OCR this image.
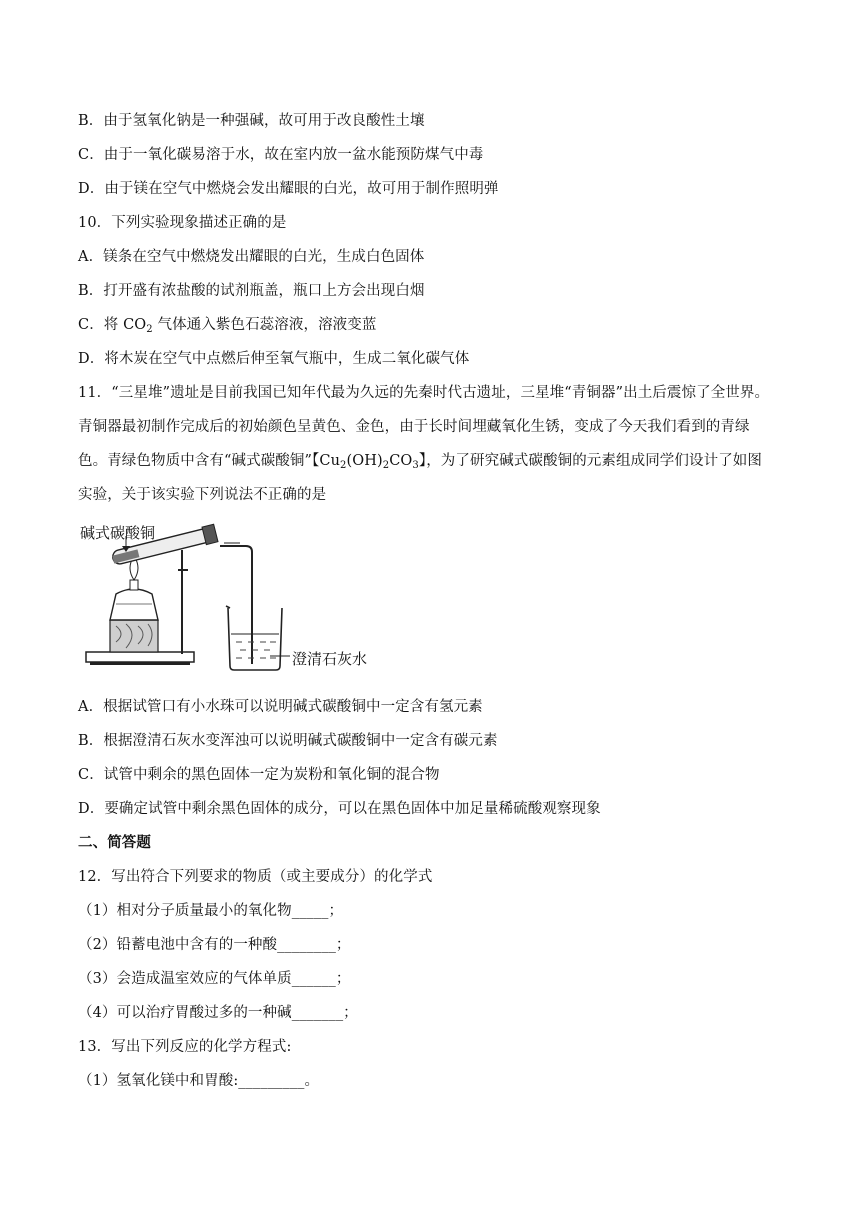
B．由于氢氧化钠是一种强碱，故可用于改良酸性土壤
C．由于一氧化碳易溶于水，故在室内放一盆水能预防煤气中毒
D．由于镁在空气中燃烧会发出耀眼的白光，故可用于制作照明弹
10．下列实验现象描述正确的是
A．镁条在空气中燃烧发出耀眼的白光，生成白色固体
B．打开盛有浓盐酸的试剂瓶盖，瓶口上方会出现白烟
C．将 $CO_2$ 气体通入紫色石蕊溶液，溶液变蓝
D．将木炭在空气中点燃后伸至氧气瓶中，生成二氧化碳气体
11．“三星堆”遗址是目前我国已知年代最为久远的先秦时代古遗址，三星堆“青铜器”出土后震惊了全世界。
青铜器最初制作完成后的初始颜色呈黄色、金色，由于长时间埋藏氧化生锈，变成了今天我们看到的青绿
色。青绿色物质中含有“碱式碳酸铜”【$Cu_2(OH)_2CO_3$】，为了研究碱式碳酸铜的元素组成同学们设计了如图
实验，关于该实验下列说法不正确的是
碱式碳酸铜
澄清石灰水
A．根据试管口有小水珠可以说明碱式碳酸铜中一定含有氢元素
B．根据澄清石灰水变浑浊可以说明碱式碳酸铜中一定含有碳元素
C．试管中剩余的黑色固体一定为炭粉和氧化铜的混合物
D．要确定试管中剩余黑色固体的成分，可以在黑色固体中加足量稀硫酸观察现象
二、简答题
12．写出符合下列要求的物质（或主要成分）的化学式
（1）相对分子质量最小的氧化物_____；
（2）铅蓄电池中含有的一种酸________；
（3）会造成温室效应的气体单质______；
（4）可以治疗胃酸过多的一种碱_______；
13．写出下列反应的化学方程式:
（1）氢氧化镁中和胃酸:_________。
